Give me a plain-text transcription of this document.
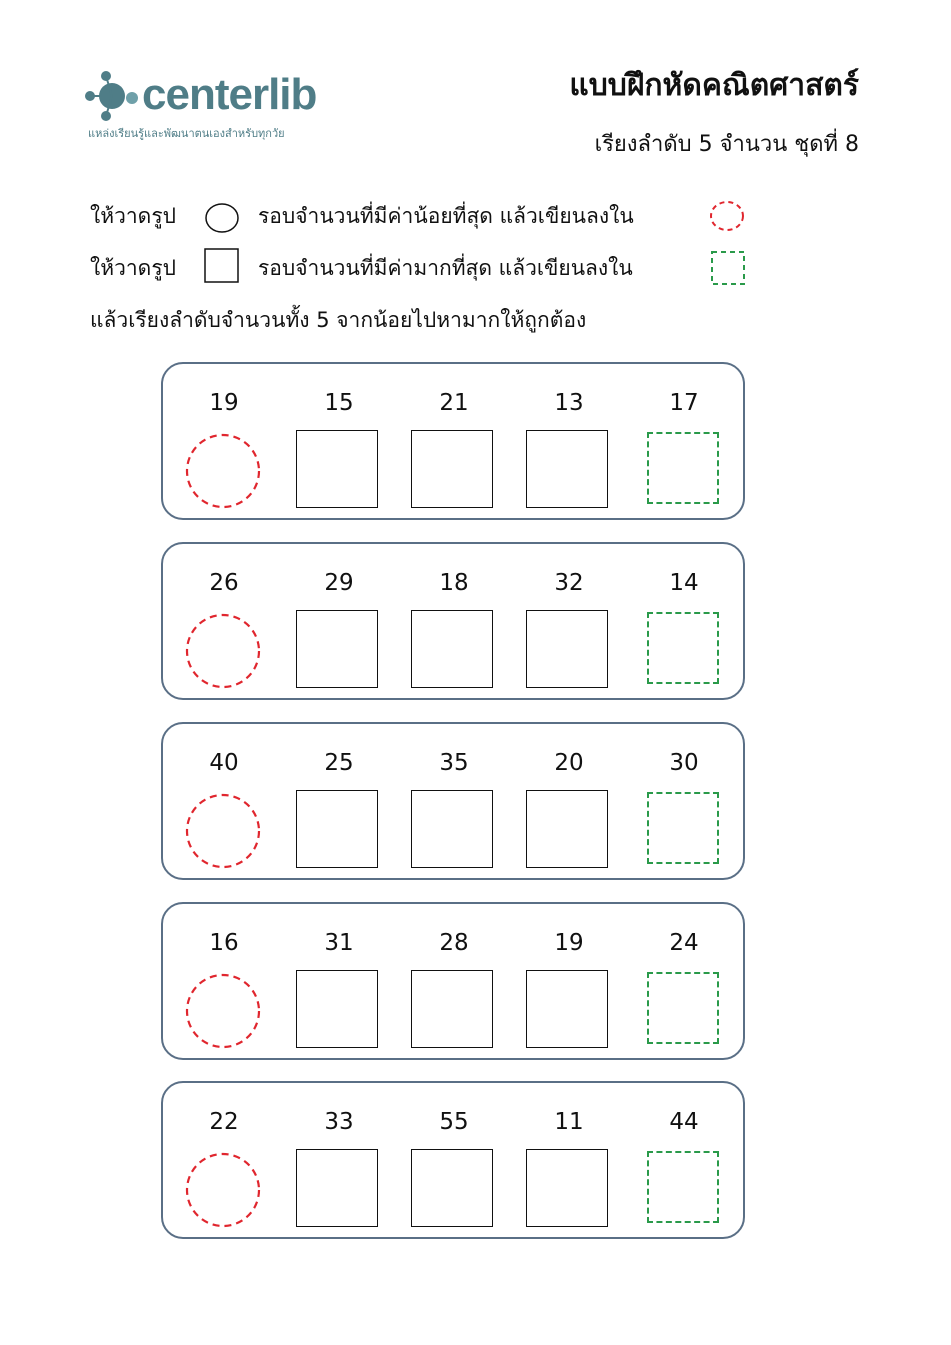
centerlib
แหล่งเรียนรู้และพัฒนาตนเองสำหรับทุกวัย
แบบฝึกหัดคณิตศาสตร์
เรียงลำดับ 5 จำนวน ชุดที่ 8
ให้วาดรูป	รอบจำนวนที่มีค่าน้อยที่สุด แล้วเขียนลงใน
ให้วาดรูป	รอบจำนวนที่มีค่ามากที่สุด แล้วเขียนลงใน
แล้วเรียงลำดับจำนวนทั้ง 5 จากน้อยไปหามากให้ถูกต้อง
19	15	21	13	17
26	29	18	32	14
40	25	35	20	30
16	31	28	19	24
22	33	55	11	44
